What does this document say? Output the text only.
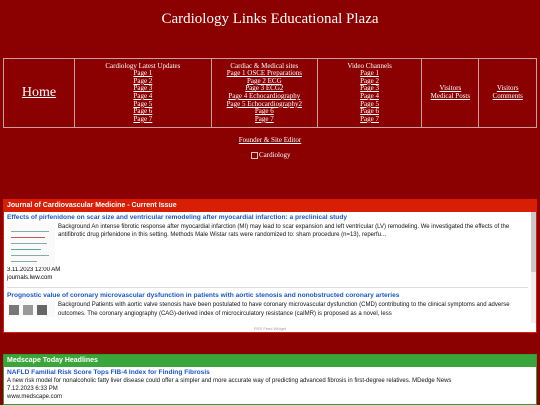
Cardiology Links Educational Plaza
Home

Cardiology Latest Updates
Page 1
Page 2
Page 3
Page 4
Page 5
Page 6
Page 7

Cardiac & Medical sites
Page 1 OSCE Preparations
Page 2 ECG
Page 3 ECG2
Page 4 Echocardiography
Page 5 Echocardiography2
Page 6
Page 7

Video Channels
Page 1
Page 2
Page 3
Page 4
Page 5
Page 6
Page 7

Visitors
Medical Posts

Visitors
Comments
Founder & Site Editor
Cardiology
Journal of Cardiovascular Medicine - Current Issue
Effects of pirfenidone on scar size and ventricular remodeling after myocardial infarction: a preclinical study
Background An intense fibrotic response after myocardial infarction (MI) may lead to scar expansion and left ventricular (LV) remodeling. We investigated the effects of the antifibrotic drug pirfenidone in this setting. Methods Male Wistar rats were randomized to: sham procedure (n=13), reperfu...
3.11.2023 12:00 AM
journals.lww.com
Prognostic value of coronary microvascular dysfunction in patients with aortic stenosis and nonobstructed coronary arteries
Background Patients with aortic valve stenosis have been postulated to have coronary microvascular dysfunction (CMD) contributing to the clinical symptoms and adverse outcomes. The coronary angiography (CAG)-derived index of microcirculatory resistance (caIMR) is proposed as a novel, less
RSS Feed Widget
Medscape Today Headlines
NAFLD Familial Risk Score Tops FIB-4 Index for Finding Fibrosis
A new risk model for nonalcoholic fatty liver disease could offer a simpler and more accurate way of predicting advanced fibrosis in first-degree relatives. MDedge News
7.12.2023 6:33 PM
www.medscape.com
